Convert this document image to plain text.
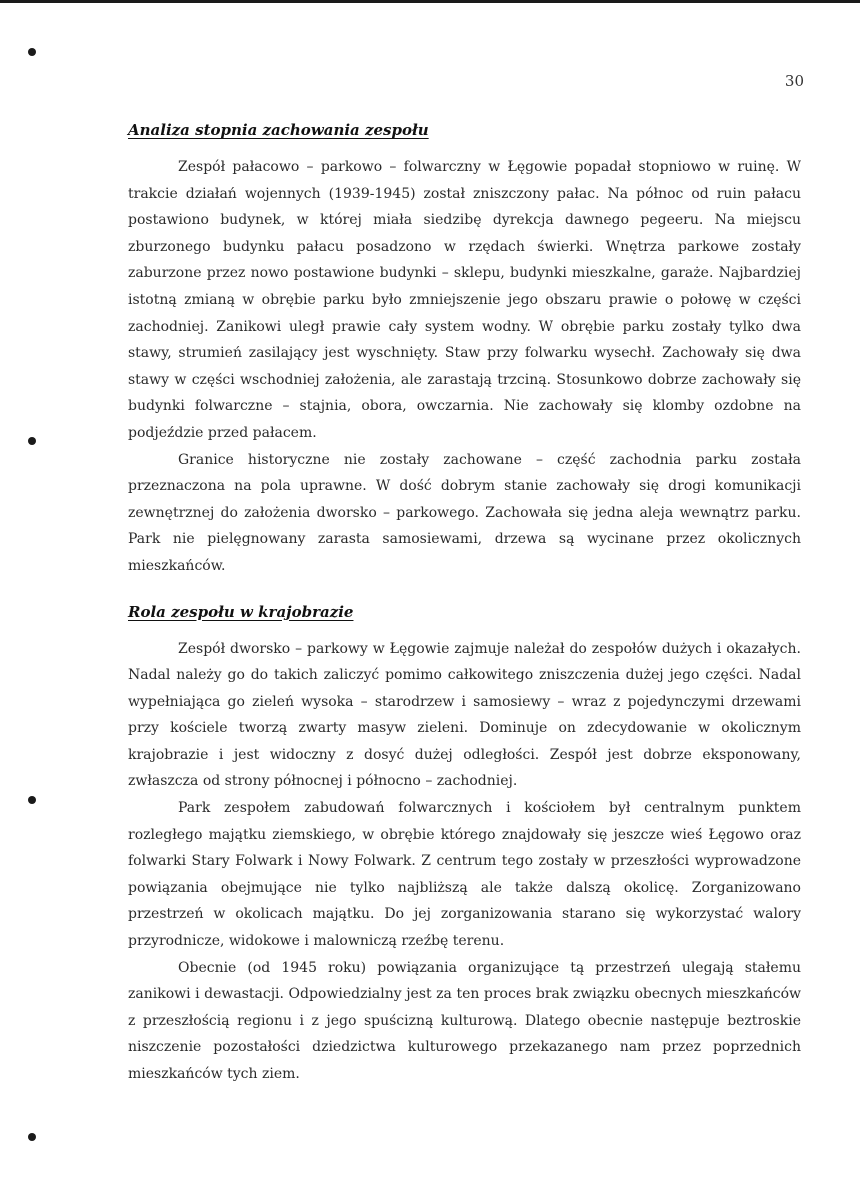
30
Analiza stopnia zachowania zespołu

Zespół pałacowo – parkowo – folwarczny w Łęgowie popadał stopniowo w ruinę. W trakcie działań wojennych (1939-1945) został zniszczony pałac. Na północ od ruin pałacu postawiono budynek, w której miała siedzibę dyrekcja dawnego pegeeru. Na miejscu zburzonego budynku pałacu posadzono w rzędach świerki. Wnętrza parkowe zostały zaburzone przez nowo postawione budynki – sklepu, budynki mieszkalne, garaże. Najbardziej istotną zmianą w obrębie parku było zmniejszenie jego obszaru prawie o połowę w części zachodniej. Zanikowi uległ prawie cały system wodny. W obrębie parku zostały tylko dwa stawy, strumień zasilający jest wyschnięty. Staw przy folwarku wysechł. Zachowały się dwa stawy w części wschodniej założenia, ale zarastają trzciną. Stosunkowo dobrze zachowały się budynki folwarczne – stajnia, obora, owczarnia. Nie zachowały się klomby ozdobne na podjeździe przed pałacem.

Granice historyczne nie zostały zachowane – część zachodnia parku została przeznaczona na pola uprawne. W dość dobrym stanie zachowały się drogi komunikacji zewnętrznej do założenia dworsko – parkowego. Zachowała się jedna aleja wewnątrz parku. Park nie pielęgnowany zarasta samosiewami, drzewa są wycinane przez okolicznych mieszkańców.

Rola zespołu w krajobrazie

Zespół dworsko – parkowy w Łęgowie zajmuje należał do zespołów dużych i okazałych. Nadal należy go do takich zaliczyć pomimo całkowitego zniszczenia dużej jego części. Nadal wypełniająca go zieleń wysoka – starodrzew i samosiewy – wraz z pojedynczymi drzewami przy kościele tworzą zwarty masyw zieleni. Dominuje on zdecydowanie w okolicznym krajobrazie i jest widoczny z dosyć dużej odległości. Zespół jest dobrze eksponowany, zwłaszcza od strony północnej i północno – zachodniej.

Park zespołem zabudowań folwarcznych i kościołem był centralnym punktem rozległego majątku ziemskiego, w obrębie którego znajdowały się jeszcze wieś Łęgowo oraz folwarki Stary Folwark i Nowy Folwark. Z centrum tego zostały w przeszłości wyprowadzone powiązania obejmujące nie tylko najbliższą ale także dalszą okolicę. Zorganizowano przestrzeń w okolicach majątku. Do jej zorganizowania starano się wykorzystać walory przyrodnicze, widokowe i malowniczą rzeźbę terenu.

Obecnie (od 1945 roku) powiązania organizujące tą przestrzeń ulegają stałemu zanikowi i dewastacji. Odpowiedzialny jest za ten proces brak związku obecnych mieszkańców z przeszłością regionu i z jego spuścizną kulturową. Dlatego obecnie następuje beztroskie niszczenie pozostałości dziedzictwa kulturowego przekazanego nam przez poprzednich mieszkańców tych ziem.
